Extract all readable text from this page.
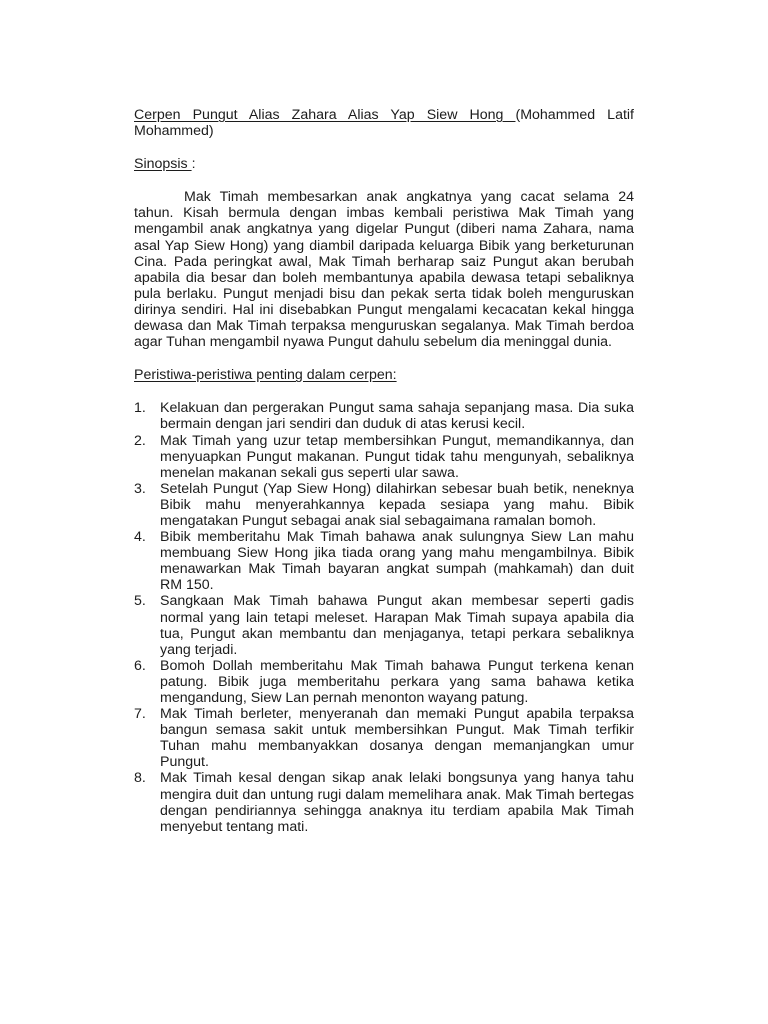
Cerpen Pungut Alias Zahara Alias Yap Siew Hong (Mohammed Latif Mohammed)

Sinopsis :

Mak Timah membesarkan anak angkatnya yang cacat selama 24 tahun. Kisah bermula dengan imbas kembali peristiwa Mak Timah yang mengambil anak angkatnya yang digelar Pungut (diberi nama Zahara, nama asal Yap Siew Hong) yang diambil daripada keluarga Bibik yang berketurunan Cina. Pada peringkat awal, Mak Timah berharap saiz Pungut akan berubah apabila dia besar dan boleh membantunya apabila dewasa tetapi sebaliknya pula berlaku. Pungut menjadi bisu dan pekak serta tidak boleh menguruskan dirinya sendiri. Hal ini disebabkan Pungut mengalami kecacatan kekal hingga dewasa dan Mak Timah terpaksa menguruskan segalanya. Mak Timah berdoa agar Tuhan mengambil nyawa Pungut dahulu sebelum dia meninggal dunia.

Peristiwa-peristiwa penting dalam cerpen:

1. Kelakuan dan pergerakan Pungut sama sahaja sepanjang masa. Dia suka bermain dengan jari sendiri dan duduk di atas kerusi kecil.
2. Mak Timah yang uzur tetap membersihkan Pungut, memandikannya, dan menyuapkan Pungut makanan. Pungut tidak tahu mengunyah, sebaliknya menelan makanan sekali gus seperti ular sawa.
3. Setelah Pungut (Yap Siew Hong) dilahirkan sebesar buah betik, neneknya Bibik mahu menyerahkannya kepada sesiapa yang mahu. Bibik mengatakan Pungut sebagai anak sial sebagaimana ramalan bomoh.
4. Bibik memberitahu Mak Timah bahawa anak sulungnya Siew Lan mahu membuang Siew Hong jika tiada orang yang mahu mengambilnya. Bibik menawarkan Mak Timah bayaran angkat sumpah (mahkamah) dan duit RM 150.
5. Sangkaan Mak Timah bahawa Pungut akan membesar seperti gadis normal yang lain tetapi meleset. Harapan Mak Timah supaya apabila dia tua, Pungut akan membantu dan menjaganya, tetapi perkara sebaliknya yang terjadi.
6. Bomoh Dollah memberitahu Mak Timah bahawa Pungut terkena kenan patung. Bibik juga memberitahu perkara yang sama bahawa ketika mengandung, Siew Lan pernah menonton wayang patung.
7. Mak Timah berleter, menyeranah dan memaki Pungut apabila terpaksa bangun semasa sakit untuk membersihkan Pungut. Mak Timah terfikir Tuhan mahu membanyakkan dosanya dengan memanjangkan umur Pungut.
8. Mak Timah kesal dengan sikap anak lelaki bongsunya yang hanya tahu mengira duit dan untung rugi dalam memelihara anak. Mak Timah bertegas dengan pendiriannya sehingga anaknya itu terdiam apabila Mak Timah menyebut tentang mati.
